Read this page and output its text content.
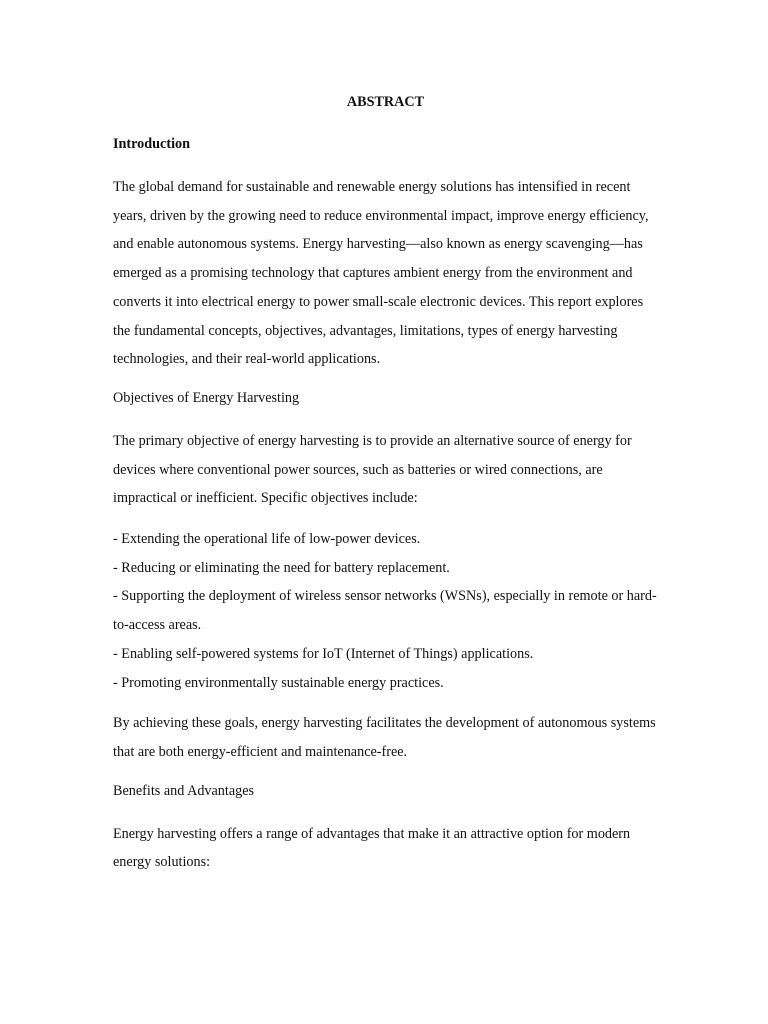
ABSTRACT
Introduction

The global demand for sustainable and renewable energy solutions has intensified in recent years, driven by the growing need to reduce environmental impact, improve energy efficiency, and enable autonomous systems. Energy harvesting—also known as energy scavenging—has emerged as a promising technology that captures ambient energy from the environment and converts it into electrical energy to power small-scale electronic devices. This report explores the fundamental concepts, objectives, advantages, limitations, types of energy harvesting technologies, and their real-world applications.

Objectives of Energy Harvesting

The primary objective of energy harvesting is to provide an alternative source of energy for devices where conventional power sources, such as batteries or wired connections, are impractical or inefficient. Specific objectives include:

- Extending the operational life of low-power devices.
- Reducing or eliminating the need for battery replacement.
- Supporting the deployment of wireless sensor networks (WSNs), especially in remote or hard-to-access areas.
- Enabling self-powered systems for IoT (Internet of Things) applications.
- Promoting environmentally sustainable energy practices.

By achieving these goals, energy harvesting facilitates the development of autonomous systems that are both energy-efficient and maintenance-free.

Benefits and Advantages

Energy harvesting offers a range of advantages that make it an attractive option for modern energy solutions:
